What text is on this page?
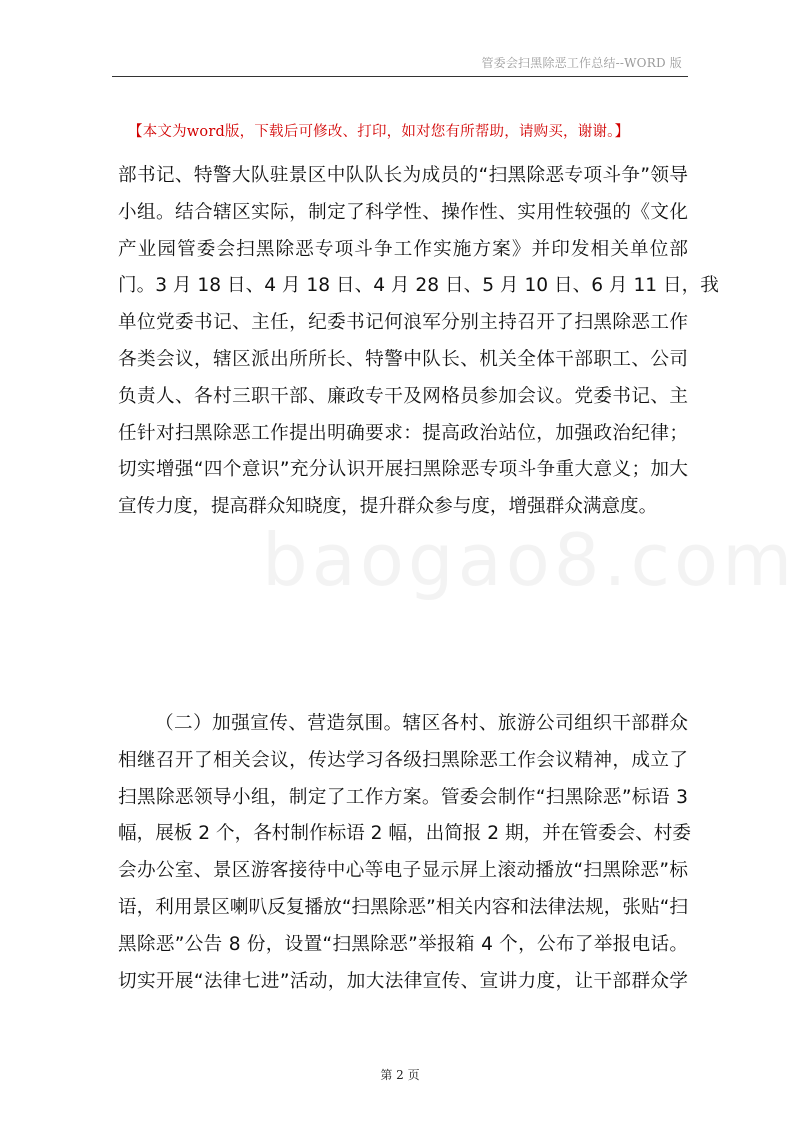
管委会扫黑除恶工作总结--WORD 版
【本文为word版，下载后可修改、打印，如对您有所帮助，请购买，谢谢。】
部书记、特警大队驻景区中队队长为成员的“扫黑除恶专项斗争”领导
小组。结合辖区实际，制定了科学性、操作性、实用性较强的《文化
产业园管委会扫黑除恶专项斗争工作实施方案》并印发相关单位部
门。3 月 18 日、4 月 18 日、4 月 28 日、5 月 10 日、6 月 11 日，我
单位党委书记、主任，纪委书记何浪军分别主持召开了扫黑除恶工作
各类会议，辖区派出所所长、特警中队长、机关全体干部职工、公司
负责人、各村三职干部、廉政专干及网格员参加会议。党委书记、主
任针对扫黑除恶工作提出明确要求：提高政治站位，加强政治纪律；
切实增强“四个意识”充分认识开展扫黑除恶专项斗争重大意义；加大
宣传力度，提高群众知晓度，提升群众参与度，增强群众满意度。
（二）加强宣传、营造氛围。辖区各村、旅游公司组织干部群众
相继召开了相关会议，传达学习各级扫黑除恶工作会议精神，成立了
扫黑除恶领导小组，制定了工作方案。管委会制作“扫黑除恶”标语 3
幅，展板 2 个，各村制作标语 2 幅，出简报 2 期，并在管委会、村委
会办公室、景区游客接待中心等电子显示屏上滚动播放“扫黑除恶”标
语，利用景区喇叭反复播放“扫黑除恶”相关内容和法律法规，张贴“扫
黑除恶”公告 8 份，设置“扫黑除恶”举报箱 4 个，公布了举报电话。
切实开展“法律七进”活动，加大法律宣传、宣讲力度，让干部群众学
第 2 页
